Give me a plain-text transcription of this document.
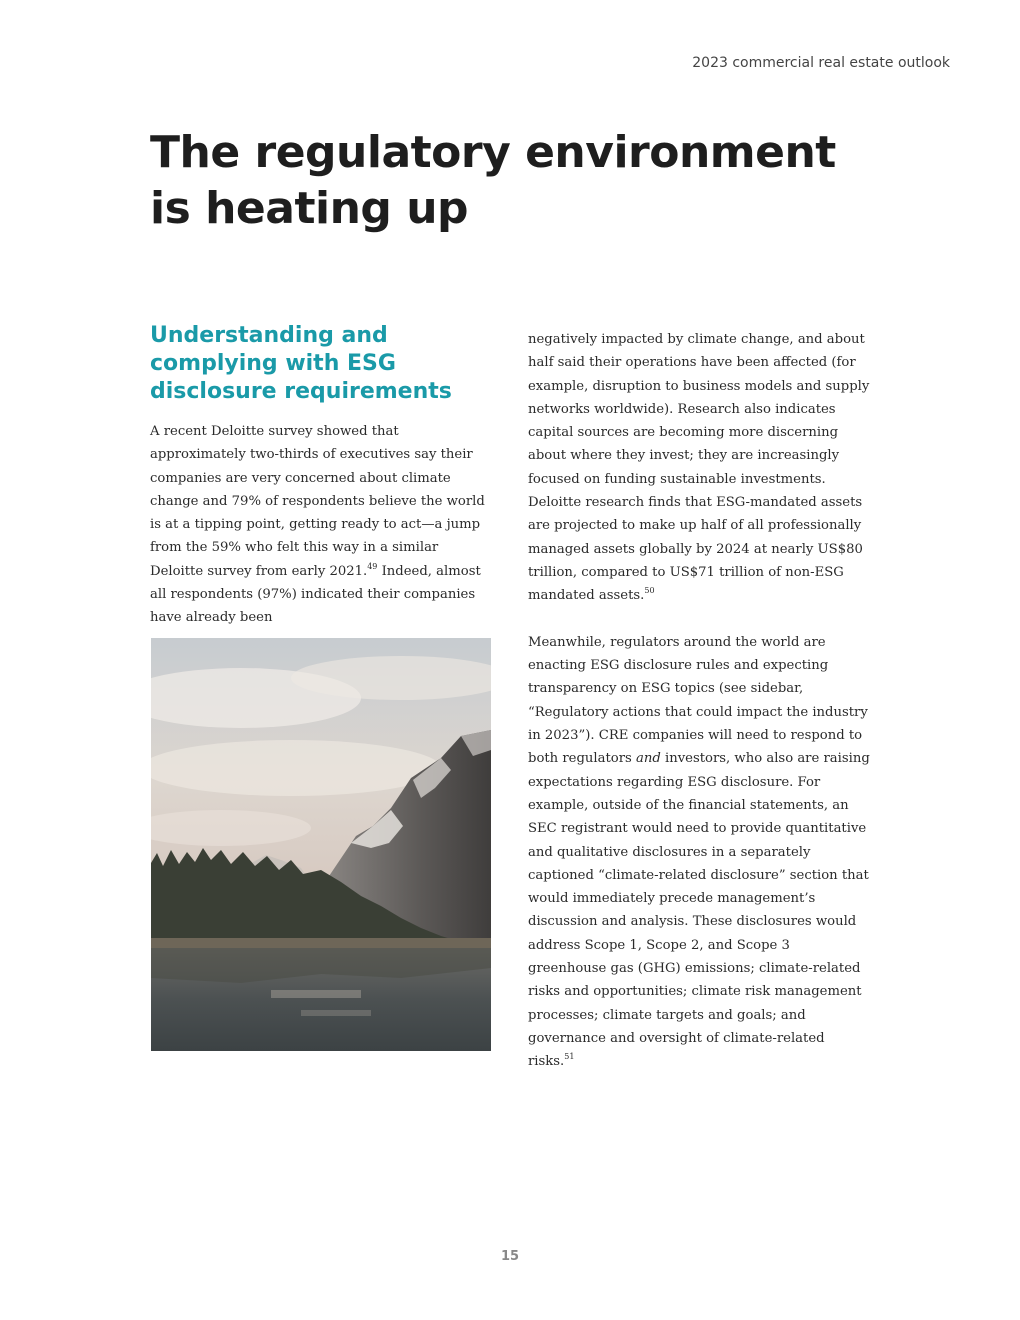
2023 commercial real estate outlook
The regulatory environment is heating up
Understanding and complying with ESG disclosure requirements

A recent Deloitte survey showed that approximately two-thirds of executives say their companies are very concerned about climate change and 79% of respondents believe the world is at a tipping point, getting ready to act—a jump from the 59% who felt this way in a similar Deloitte survey from early 2021.49 Indeed, almost all respondents (97%) indicated their companies have already been

negatively impacted by climate change, and about half said their operations have been affected (for example, disruption to business models and supply networks worldwide). Research also indicates capital sources are becoming more discerning about where they invest; they are increasingly focused on funding sustainable investments. Deloitte research finds that ESG-mandated assets are projected to make up half of all professionally managed assets globally by 2024 at nearly US$80 trillion, compared to US$71 trillion of non-ESG mandated assets.$^{50}$

Meanwhile, regulators around the world are enacting ESG disclosure rules and expecting transparency on ESG topics (see sidebar, “Regulatory actions that could impact the industry in 2023”). CRE companies will need to respond to both regulators and investors, who also are raising expectations regarding ESG disclosure. For example, outside of the financial statements, an SEC registrant would need to provide quantitative and qualitative disclosures in a separately captioned “climate-related disclosure” section that would immediately precede management’s discussion and analysis. These disclosures would address Scope 1, Scope 2, and Scope 3 greenhouse gas (GHG) emissions; climate-related risks and opportunities; climate risk management processes; climate targets and goals; and governance and oversight of climate-related risks.$^{51}$

15
